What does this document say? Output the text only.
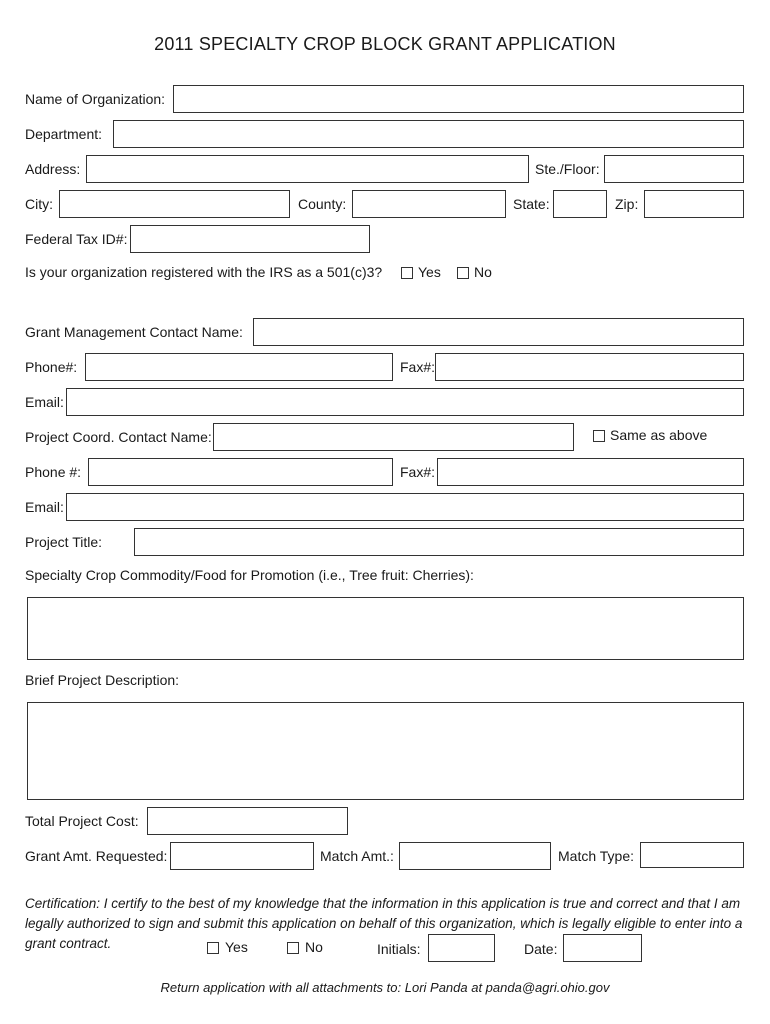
2011 SPECIALTY CROP BLOCK GRANT APPLICATION
Name of Organization:
Department:
Address:	Ste./Floor:
City:	County:	State:	Zip:
Federal Tax ID#:
Is your organization registered with the IRS as a 501(c)3?	Yes No
Grant Management Contact Name:
Phone#:	Fax#:
Email:
Project Coord. Contact Name:	Same as above
Phone #:	Fax#:
Email:
Project Title:
Specialty Crop Commodity/Food for Promotion (i.e., Tree fruit: Cherries):
Brief Project Description:
Total Project Cost:
Grant Amt. Requested:	Match Amt.:	Match Type:
Certification: I certify to the best of my knowledge that the information in this application is true and correct and that I am legally authorized to sign and submit this application on behalf of this organization, which is legally eligible to enter into a grant contract.	Yes	No	Initials:	Date:
Return application with all attachments to: Lori Panda at panda@agri.ohio.gov
